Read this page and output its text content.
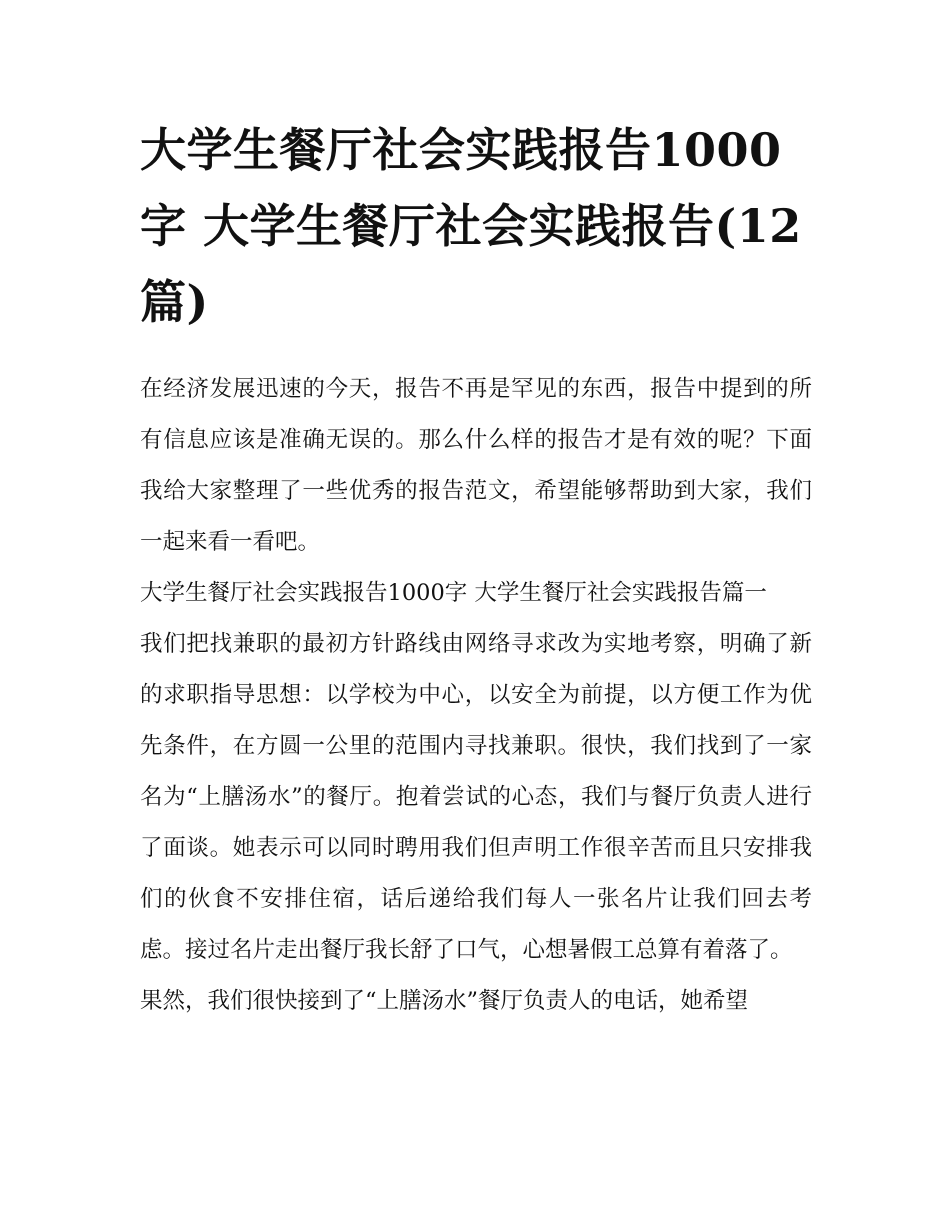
大学生餐厅社会实践报告1000字 大学生餐厅社会实践报告(12篇)

在经济发展迅速的今天，报告不再是罕见的东西，报告中提到的所有信息应该是准确无误的。那么什么样的报告才是有效的呢？下面我给大家整理了一些优秀的报告范文，希望能够帮助到大家，我们一起来看一看吧。

大学生餐厅社会实践报告1000字 大学生餐厅社会实践报告篇一

我们把找兼职的最初方针路线由网络寻求改为实地考察，明确了新的求职指导思想：以学校为中心，以安全为前提，以方便工作为优先条件，在方圆一公里的范围内寻找兼职。很快，我们找到了一家名为“上膳汤水”的餐厅。抱着尝试的心态，我们与餐厅负责人进行了面谈。她表示可以同时聘用我们但声明工作很辛苦而且只安排我们的伙食不安排住宿，话后递给我们每人一张名片让我们回去考虑。接过名片走出餐厅我长舒了口气，心想暑假工总算有着落了。

果然，我们很快接到了“上膳汤水”餐厅负责人的电话，她希望
